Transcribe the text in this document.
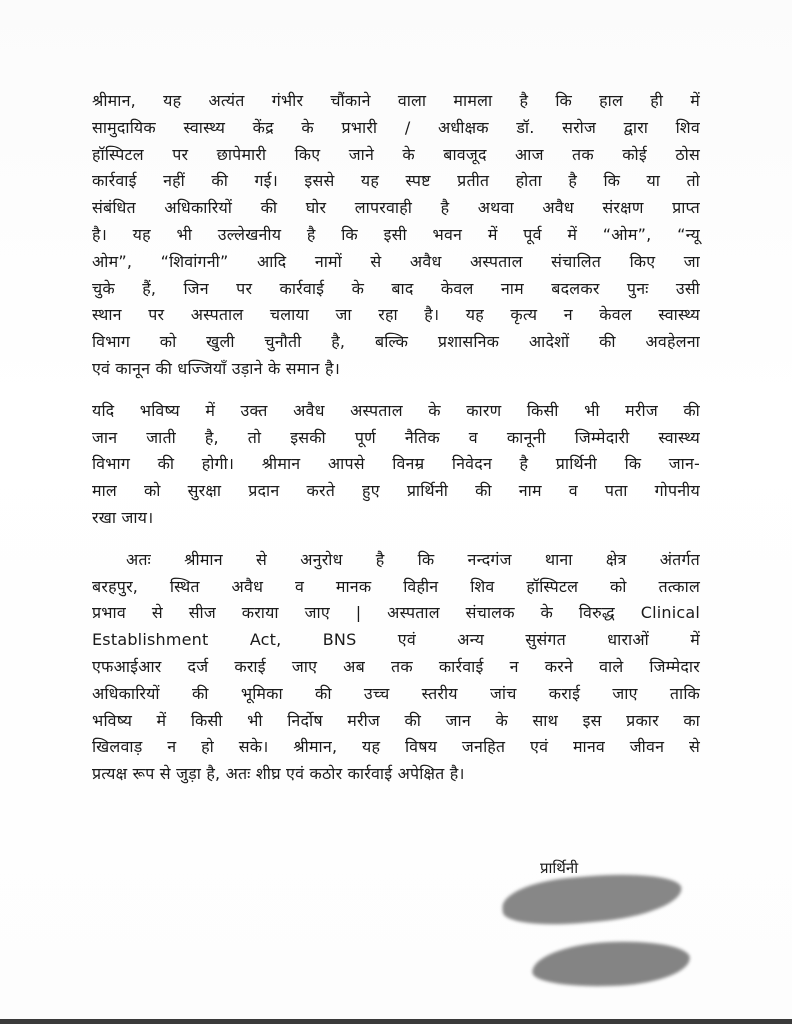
श्रीमान, यह अत्यंत गंभीर चौंकाने वाला मामला है कि हाल ही में
सामुदायिक स्वास्थ्य केंद्र के प्रभारी / अधीक्षक डॉ. सरोज द्वारा शिव
हॉस्पिटल पर छापेमारी किए जाने के बावजूद आज तक कोई ठोस
कार्रवाई नहीं की गई। इससे यह स्पष्ट प्रतीत होता है कि या तो
संबंधित अधिकारियों की घोर लापरवाही है अथवा अवैध संरक्षण प्राप्त
है। यह भी उल्लेखनीय है कि इसी भवन में पूर्व में “ओम”, “न्यू
ओम”, “शिवांगनी” आदि नामों से अवैध अस्पताल संचालित किए जा
चुके हैं, जिन पर कार्रवाई के बाद केवल नाम बदलकर पुनः उसी
स्थान पर अस्पताल चलाया जा रहा है। यह कृत्य न केवल स्वास्थ्य
विभाग को खुली चुनौती है, बल्कि प्रशासनिक आदेशों की अवहेलना
एवं कानून की धज्जियाँ उड़ाने के समान है।
यदि भविष्य में उक्त अवैध अस्पताल के कारण किसी भी मरीज की
जान जाती है, तो इसकी पूर्ण नैतिक व कानूनी जिम्मेदारी स्वास्थ्य
विभाग की होगी। श्रीमान आपसे विनम्र निवेदन है प्रार्थिनी कि जान-
माल को सुरक्षा प्रदान करते हुए प्रार्थिनी की नाम व पता गोपनीय
रखा जाय।
अतः श्रीमान से अनुरोध है कि नन्दगंज थाना क्षेत्र अंतर्गत
बरहपुर, स्थित अवैध व मानक विहीन शिव हॉस्पिटल को तत्काल
प्रभाव से सीज कराया जाए | अस्पताल संचालक के विरुद्ध Clinical
Establishment Act, BNS एवं अन्य सुसंगत धाराओं में
एफआईआर दर्ज कराई जाए अब तक कार्रवाई न करने वाले जिम्मेदार
अधिकारियों की भूमिका की उच्च स्तरीय जांच कराई जाए ताकि
भविष्य में किसी भी निर्दोष मरीज की जान के साथ इस प्रकार का
खिलवाड़ न हो सके। श्रीमान, यह विषय जनहित एवं मानव जीवन से
प्रत्यक्ष रूप से जुड़ा है, अतः शीघ्र एवं कठोर कार्रवाई अपेक्षित है।
प्रार्थिनी
